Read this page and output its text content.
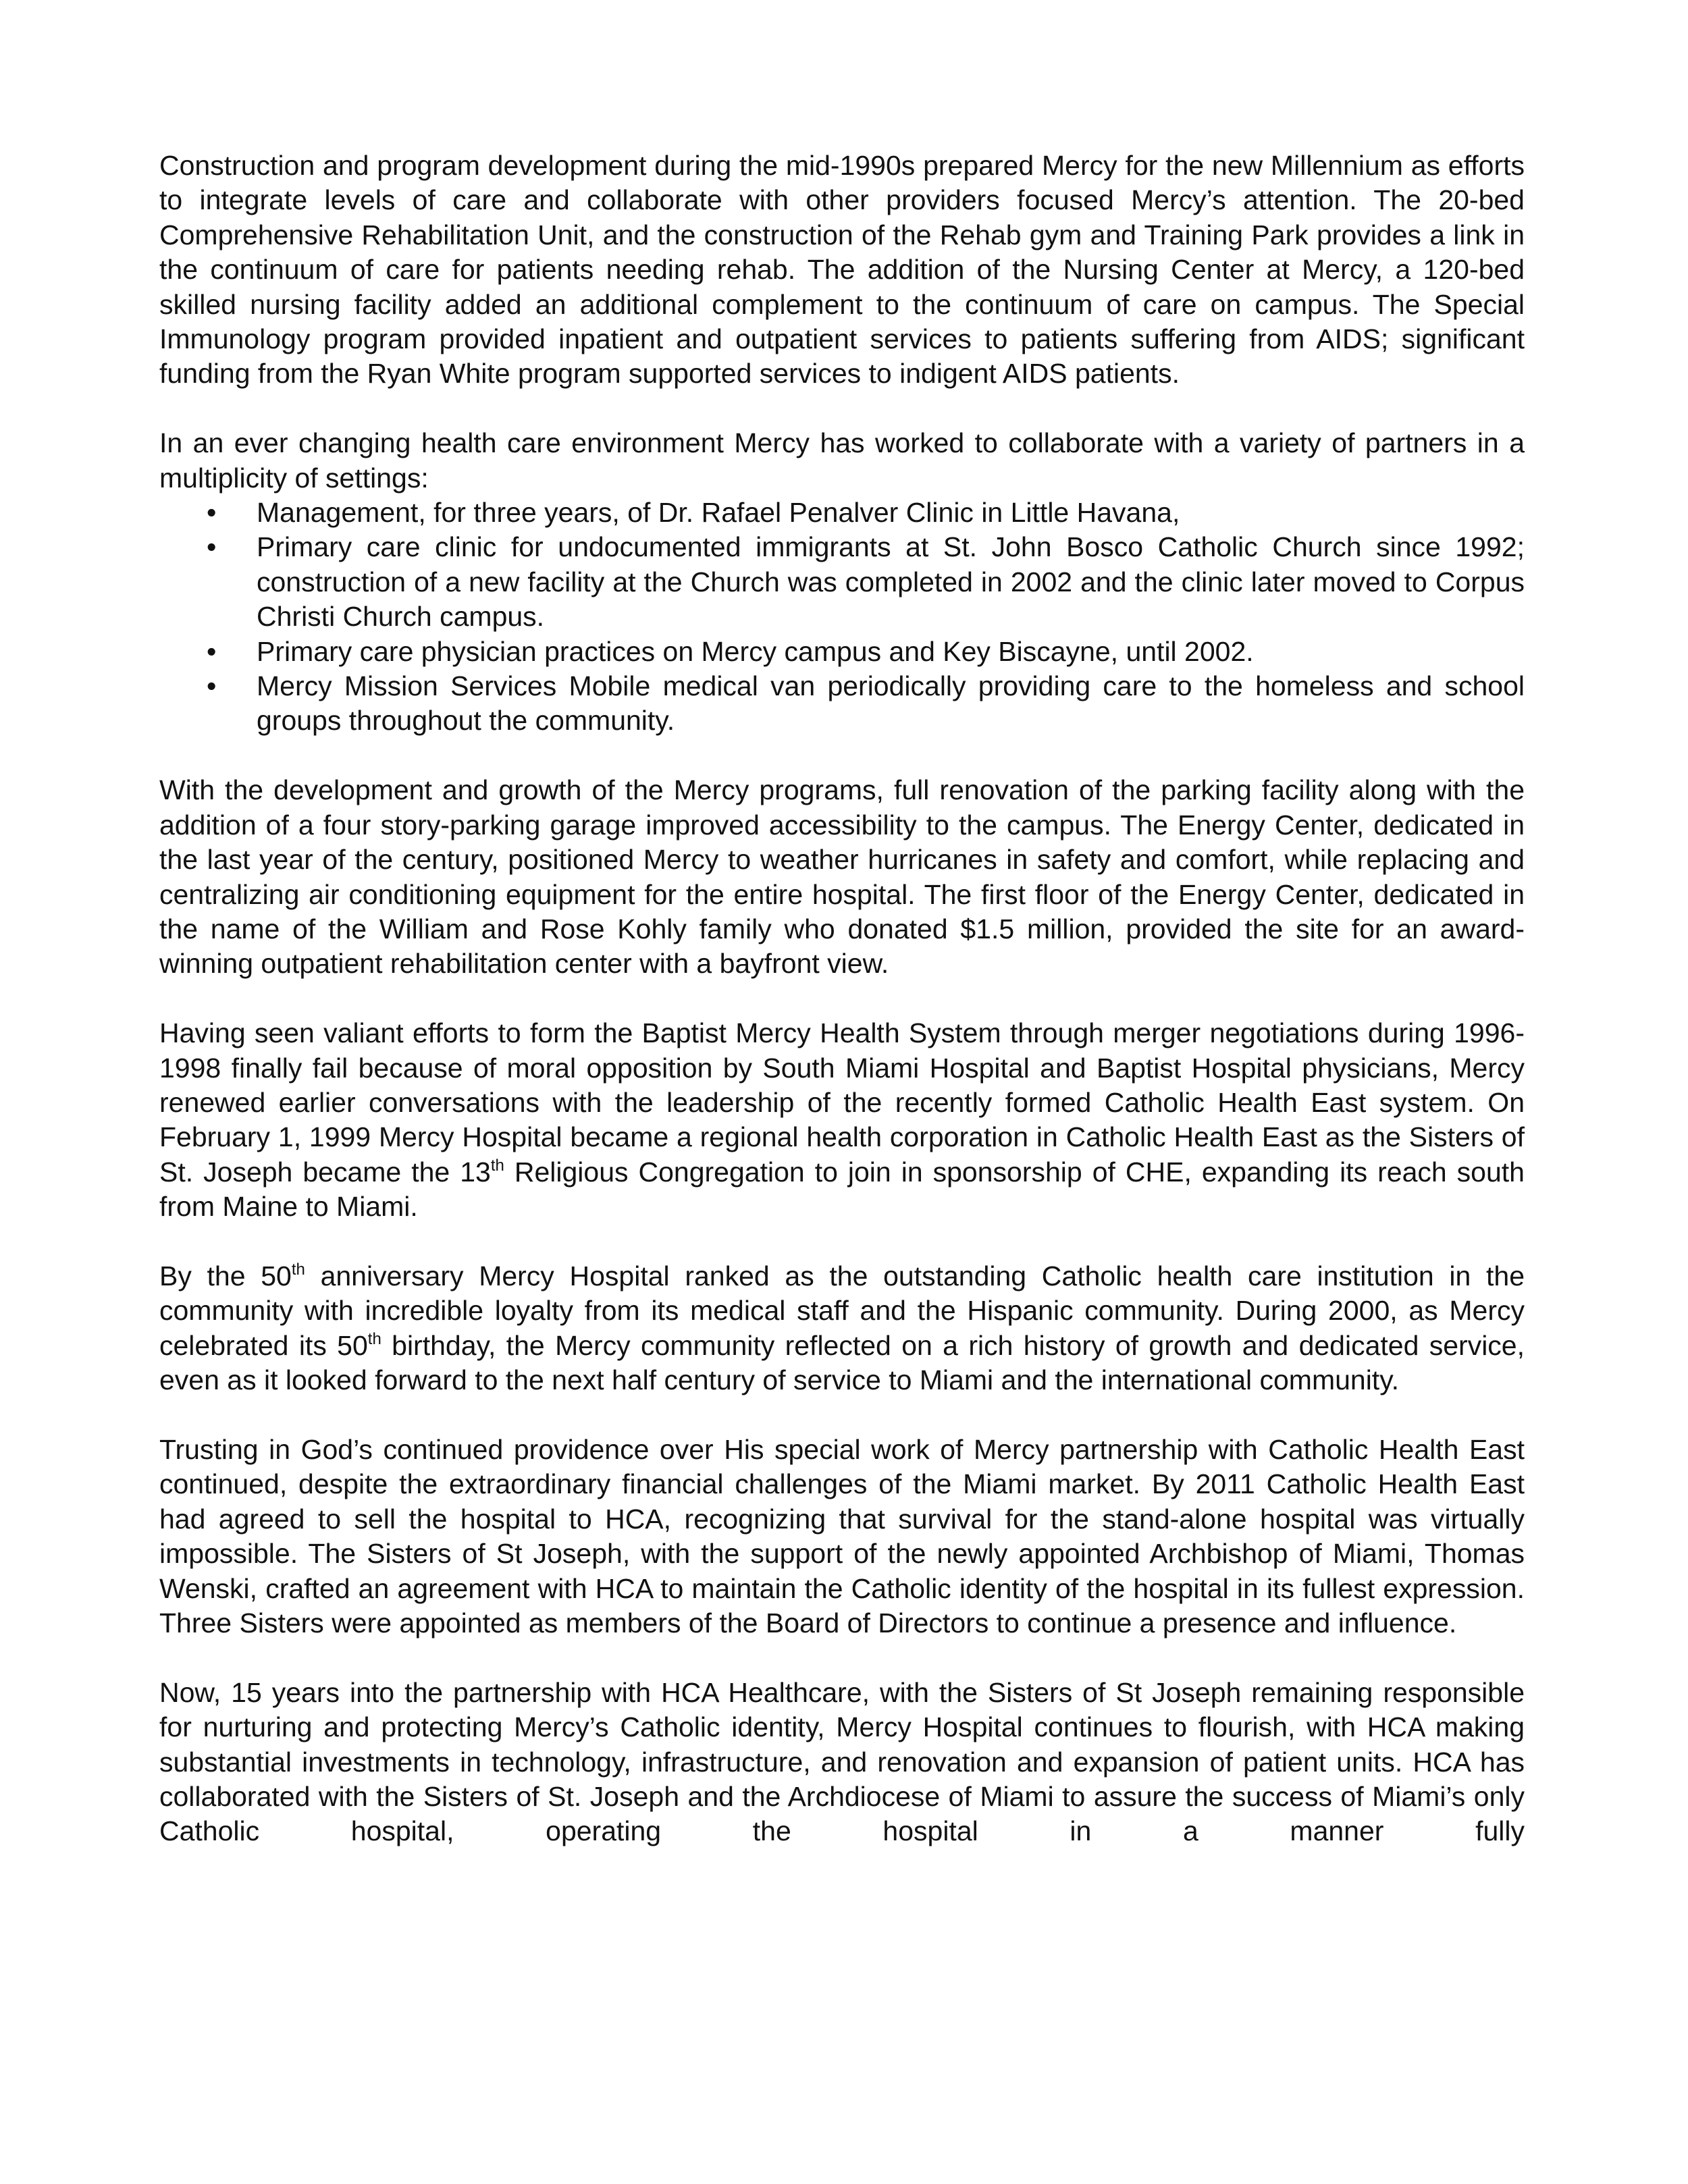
Construction and program development during the mid-1990s prepared Mercy for the new Millennium as efforts to integrate levels of care and collaborate with other providers focused Mercy’s attention. The 20-bed Comprehensive Rehabilitation Unit, and the construction of the Rehab gym and Training Park provides a link in the continuum of care for patients needing rehab. The addition of the Nursing Center at Mercy, a 120-bed skilled nursing facility added an additional complement to the continuum of care on campus. The Special Immunology program provided inpatient and outpatient services to patients suffering from AIDS; significant funding from the Ryan White program supported services to indigent AIDS patients.

In an ever changing health care environment Mercy has worked to collaborate with a variety of partners in a multiplicity of settings:

• Management, for three years, of Dr. Rafael Penalver Clinic in Little Havana,
• Primary care clinic for undocumented immigrants at St. John Bosco Catholic Church since 1992; construction of a new facility at the Church was completed in 2002 and the clinic later moved to Corpus Christi Church campus.
• Primary care physician practices on Mercy campus and Key Biscayne, until 2002.
• Mercy Mission Services Mobile medical van periodically providing care to the homeless and school groups throughout the community.

With the development and growth of the Mercy programs, full renovation of the parking facility along with the addition of a four story-parking garage improved accessibility to the campus. The Energy Center, dedicated in the last year of the century, positioned Mercy to weather hurricanes in safety and comfort, while replacing and centralizing air conditioning equipment for the entire hospital. The first floor of the Energy Center, dedicated in the name of the William and Rose Kohly family who donated $1.5 million, provided the site for an award-winning outpatient rehabilitation center with a bayfront view.

Having seen valiant efforts to form the Baptist Mercy Health System through merger negotiations during 1996-1998 finally fail because of moral opposition by South Miami Hospital and Baptist Hospital physicians, Mercy renewed earlier conversations with the leadership of the recently formed Catholic Health East system. On February 1, 1999 Mercy Hospital became a regional health corporation in Catholic Health East as the Sisters of St. Joseph became the 13th Religious Congregation to join in sponsorship of CHE, expanding its reach south from Maine to Miami.

By the 50th anniversary Mercy Hospital ranked as the outstanding Catholic health care institution in the community with incredible loyalty from its medical staff and the Hispanic community. During 2000, as Mercy celebrated its 50th birthday, the Mercy community reflected on a rich history of growth and dedicated service, even as it looked forward to the next half century of service to Miami and the international community.

Trusting in God’s continued providence over His special work of Mercy partnership with Catholic Health East continued, despite the extraordinary financial challenges of the Miami market. By 2011 Catholic Health East had agreed to sell the hospital to HCA, recognizing that survival for the stand-alone hospital was virtually impossible. The Sisters of St Joseph, with the support of the newly appointed Archbishop of Miami, Thomas Wenski, crafted an agreement with HCA to maintain the Catholic identity of the hospital in its fullest expression. Three Sisters were appointed as members of the Board of Directors to continue a presence and influence.

Now, 15 years into the partnership with HCA Healthcare, with the Sisters of St Joseph remaining responsible for nurturing and protecting Mercy’s Catholic identity, Mercy Hospital continues to flourish, with HCA making substantial investments in technology, infrastructure, and renovation and expansion of patient units. HCA has collaborated with the Sisters of St. Joseph and the Archdiocese of Miami to assure the success of Miami’s only Catholic hospital, operating the hospital in a manner fully
